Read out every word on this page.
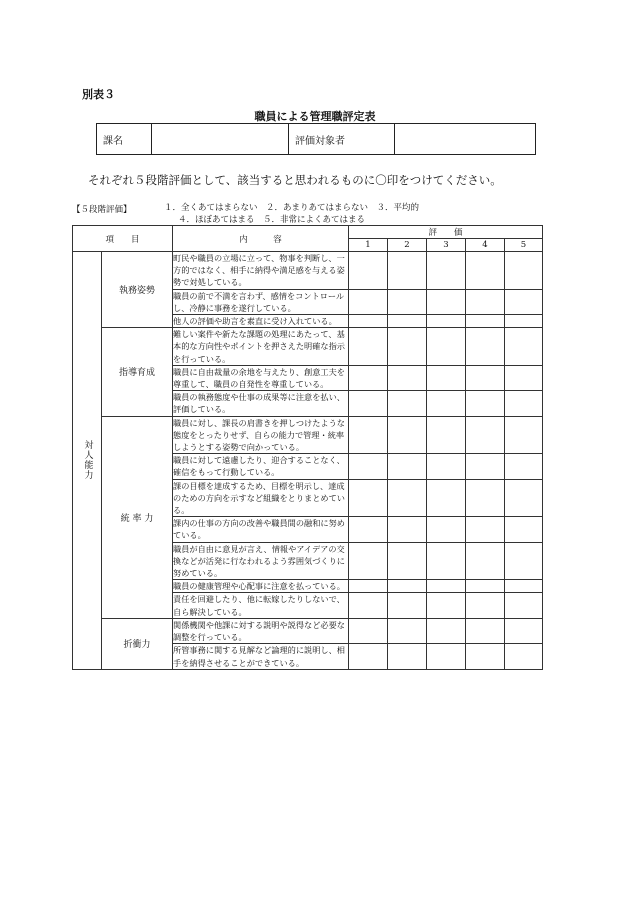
別表３
職員による管理職評定表
課名		評価対象者	
それぞれ５段階評価として、該当すると思われるものに〇印をつけてください。
【５段階評価】	１．全くあてはまらない　２．あまりあてはまらない　３．平均的
４．ほぼあてはまる　５．非常によくあてはまる
項　　目		内　　　容	評　　価				
			1	2	3	4	5

対人能力	執務姿勢	町民や職員の立場に立って、物事を判断し、一方的ではなく、相手に納得や満足感を与える姿勢で対処している。					
		職員の前で不満を言わず、感情をコントロールし、冷静に事務を遂行している。					
		他人の評価や助言を素直に受け入れている。					
	指導育成	難しい案件や新たな課題の処理にあたって、基本的な方向性やポイントを押さえた明確な指示を行っている。					
		職員に自由裁量の余地を与えたり、創意工夫を尊重して、職員の自発性を尊重している。					
		職員の執務態度や仕事の成果等に注意を払い、評価している。					
	統 率 力	職員に対し、課長の肩書きを押しつけたような態度をとったりせず、自らの能力で管理・統率しようとする姿勢で向かっている。					
		職員に対して遠慮したり、迎合することなく、確信をもって行動している。					
		課の目標を達成するため、目標を明示し、達成のための方向を示すなど組織をとりまとめている。					
		課内の仕事の方向の改善や職員間の融和に努めている。					
		職員が自由に意見が言え、情報やアイデアの交換などが活発に行なわれるよう雰囲気づくりに努めている。					
		職員の健康管理や心配事に注意を払っている。					
		責任を回避したり、他に転嫁したりしないで、自ら解決している。					
	折衝力	関係機関や他課に対する説明や説得など必要な調整を行っている。					
		所管事務に関する見解など論理的に説明し、相手を納得させることができている。					
